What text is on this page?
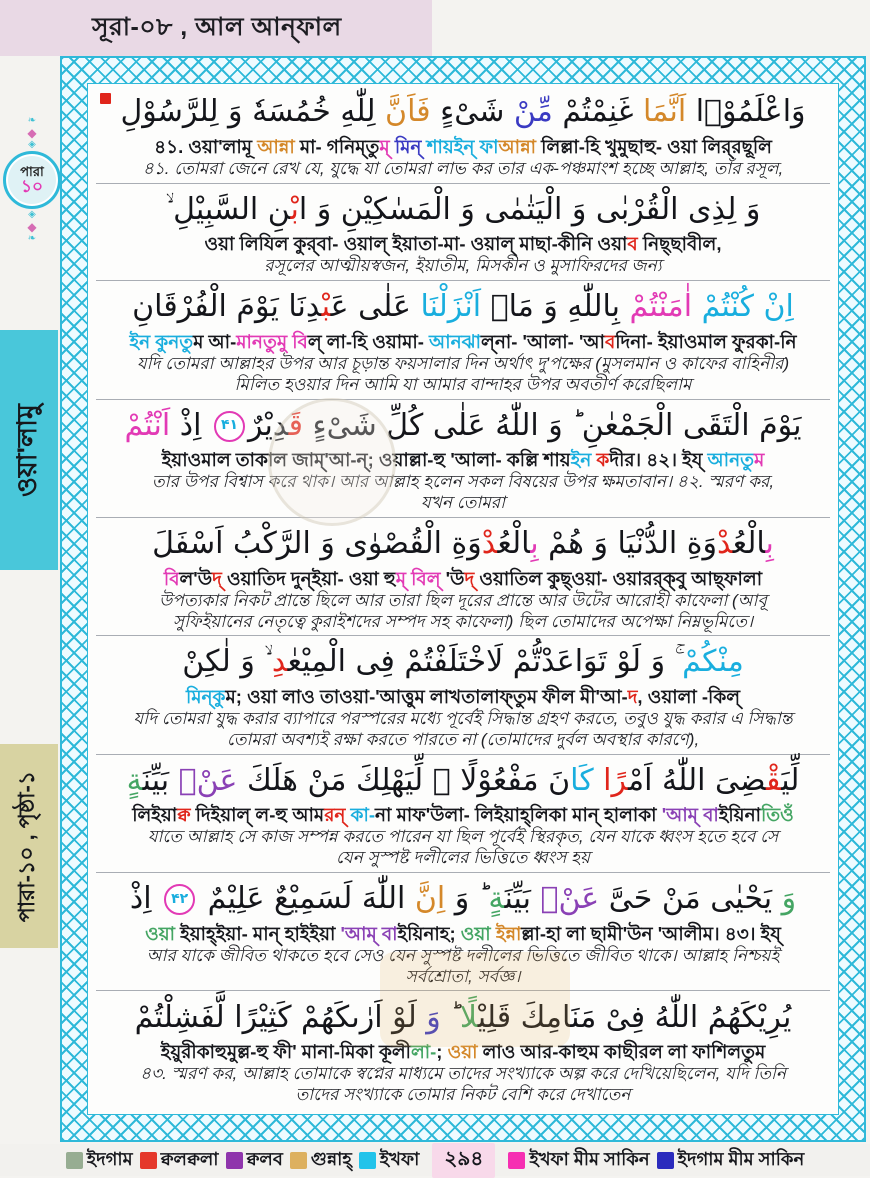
সূরা-০৮ , আল আন্‌ফাল
❧
◆
◈
পারা
১০
◈
◆
❧
ওয়া'লামু
পারা-১০ , পৃষ্ঠা-১
وَاعْلَمُوْۤا اَنَّمَا غَنِمْتُمْ مِّنْ شَیْءٍ فَاَنَّ لِلّٰهِ خُمُسَهٗ وَ لِلرَّسُوْلِ
৪১. ওয়া'লামূ আন্না মা- গনিম্‌তুম্ মিন্ শায়ইন্ ফাআন্না লিল্লা-হি খুমুছাহু- ওয়া লির্‌রছূলি
৪১. তোমরা জেনে রেখ যে, যুদ্ধে যা তোমরা লাভ কর তার এক-পঞ্চমাংশ হচ্ছে আল্লাহ, তাঁর রসূল,
وَ لِذِی الْقُرْبٰی وَ الْیَتٰمٰی وَ الْمَسٰكِیْنِ وَ ابْنِ السَّبِیْلِ ۙ
ওয়া লিযিল কুর্‌বা- ওয়াল্ ইয়াতা-মা- ওয়াল্ মাছা-কীনি ওয়াব নিছ্‌ছাবীল,
রসূলের আত্মীয়স্বজন, ইয়াতীম, মিসকীন ও মুসাফিরদের জন্য
اِنْ كُنْتُمْ اٰمَنْتُمْ بِاللّٰهِ وَ مَاۤ اَنْزَلْنَا عَلٰی عَبْدِنَا یَوْمَ الْفُرْقَانِ
ইন কুনতুম আ-মানতুমু বিল্ লা-হি ওয়ামা- আনঝাল্‌না- 'আলা- 'আবদিনা- ইয়াওমাল ফুরকা-নি
যদি তোমরা আল্লাহর উপর আর চূড়ান্ত ফয়সালার দিন অর্থাৎ দু'পক্ষের (মুসলমান ও কাফের বাহিনীর)
মিলিত হওয়ার দিন আমি যা আমার বান্দাহর উপর অবতীর্ণ করেছিলাম
یَوْمَ الْتَقَی الْجَمْعٰنِ ؕ وَ اللّٰهُ عَلٰی كُلِّ شَیْءٍ قَدِیْرٌ۴۱ اِذْ اَنْتُمْ
ইয়াওমাল তাকাল জাম্‌'আ-ন্; ওয়াল্লা-হু 'আলা- কল্লি শায়ইন কদীর। ৪২। ইয্ আনতুম
তার উপর বিশ্বাস করে থাক। আর আল্লাহ হলেন সকল বিষয়ের উপর ক্ষমতাবান। ৪২. স্মরণ কর,
যখন তোমরা
بِالْعُدْوَةِ الدُّنْیَا وَ هُمْ بِالْعُدْوَةِ الْقُصْوٰی وَ الرَّكْبُ اَسْفَلَ
বিল'উদ্ ওয়াতিদ দুন্‌ইয়া- ওয়া হুম্ বিল্ 'উদ্ ওয়াতিল কুছ্‌ওয়া- ওয়ারর্‌ক্‌বু আছ্‌ফালা
উপত্যকার নিকট প্রান্তে ছিলে আর তারা ছিল দূরের প্রান্তে আর উটের আরোহী কাফেলা (আবূ
সুফিইয়ানের নেতৃত্বে কুরাইশদের সম্পদ সহ কাফেলা) ছিল তোমাদের অপেক্ষা নিম্নভূমিতে।
مِنْكُمْ ۚ وَ لَوْ تَوَاعَدْتُّمْ لَاخْتَلَفْتُمْ فِی الْمِیْعٰدِ ۙ وَ لٰكِنْ
মিন্‌কুম; ওয়া লাও তাওয়া-'আত্তুম লাখতালাফ্‌তুম ফীল মী'আ-দ, ওয়ালা -কিল্
যদি তোমরা যুদ্ধ করার ব্যাপারে পরস্পরের মধ্যে পূর্বেই সিদ্ধান্ত গ্রহণ করতে, তবুও যুদ্ধ করার এ সিদ্ধান্ত
তোমরা অবশ্যই রক্ষা করতে পারতে না (তোমাদের দুর্বল অবস্থার কারণে),
لِّیَقْضِیَ اللّٰهُ اَمْرًا كَانَ مَفْعُوْلًا ۙ لِّیَهْلِكَ مَنْ هَلَكَ عَنْۢ بَیِّنَةٍ
লিইয়াক্ব দিইয়াল্ ল-হু আমরন্ কা-না মাফ'উলা- লিইয়াহ্‌লিকা মান্ হালাকা 'আম্ বাইয়িনাতিওঁ
যাতে আল্লাহ সে কাজ সম্পন্ন করতে পারেন যা ছিল পূর্বেই স্থিরকৃত, যেন যাকে ধ্বংস হতে হবে সে
যেন সুস্পষ্ট দলীলের ভিত্তিতে ধ্বংস হয়
وَ یَحْیٰی مَنْ حَیَّ عَنْۢ بَیِّنَةٍ ؕ وَ اِنَّ اللّٰهَ لَسَمِیْعٌ عَلِیْمٌ ۴۲ اِذْ
ওয়া ইয়াহ্‌ইয়া- মান্ হাইইয়া 'আম্ বাইয়িনাহ; ওয়া ইন্নাল্লা-হা লা ছামী'উন 'আলীম। ৪৩। ইয্
আর যাকে জীবিত থাকতে হবে সেও যেন সুস্পষ্ট দলীলের ভিত্তিতে জীবিত থাকে। আল্লাহ নিশ্চয়ই
সর্বশ্রোতা, সর্বজ্ঞ।
یُرِیْكَهُمُ اللّٰهُ فِیْ مَنَامِكَ قَلِیْلًا ؕ وَ لَوْ اَرٰىكَهُمْ كَثِیْرًا لَّفَشِلْتُمْ
ইয়ুরীকাহুমুল্ল-হু ফী' মানা-মিকা কূলীলা-; ওয়া লাও আর-কাহুম কাছীরল লা ফাশিলতুম
৪৩. স্মরণ কর, আল্লাহ তোমাকে স্বপ্নের মাধ্যমে তাদের সংখ্যাকে অল্প করে দেখিয়েছিলেন, যদি তিনি
তাদের সংখ্যাকে তোমার নিকট বেশি করে দেখাতেন
ইদগাম ক্বলক্বলা ক্বলব গুন্নাহ্ ইখফা	২৯৪	ইখফা মীম সাকিন ইদগাম মীম সাকিন
